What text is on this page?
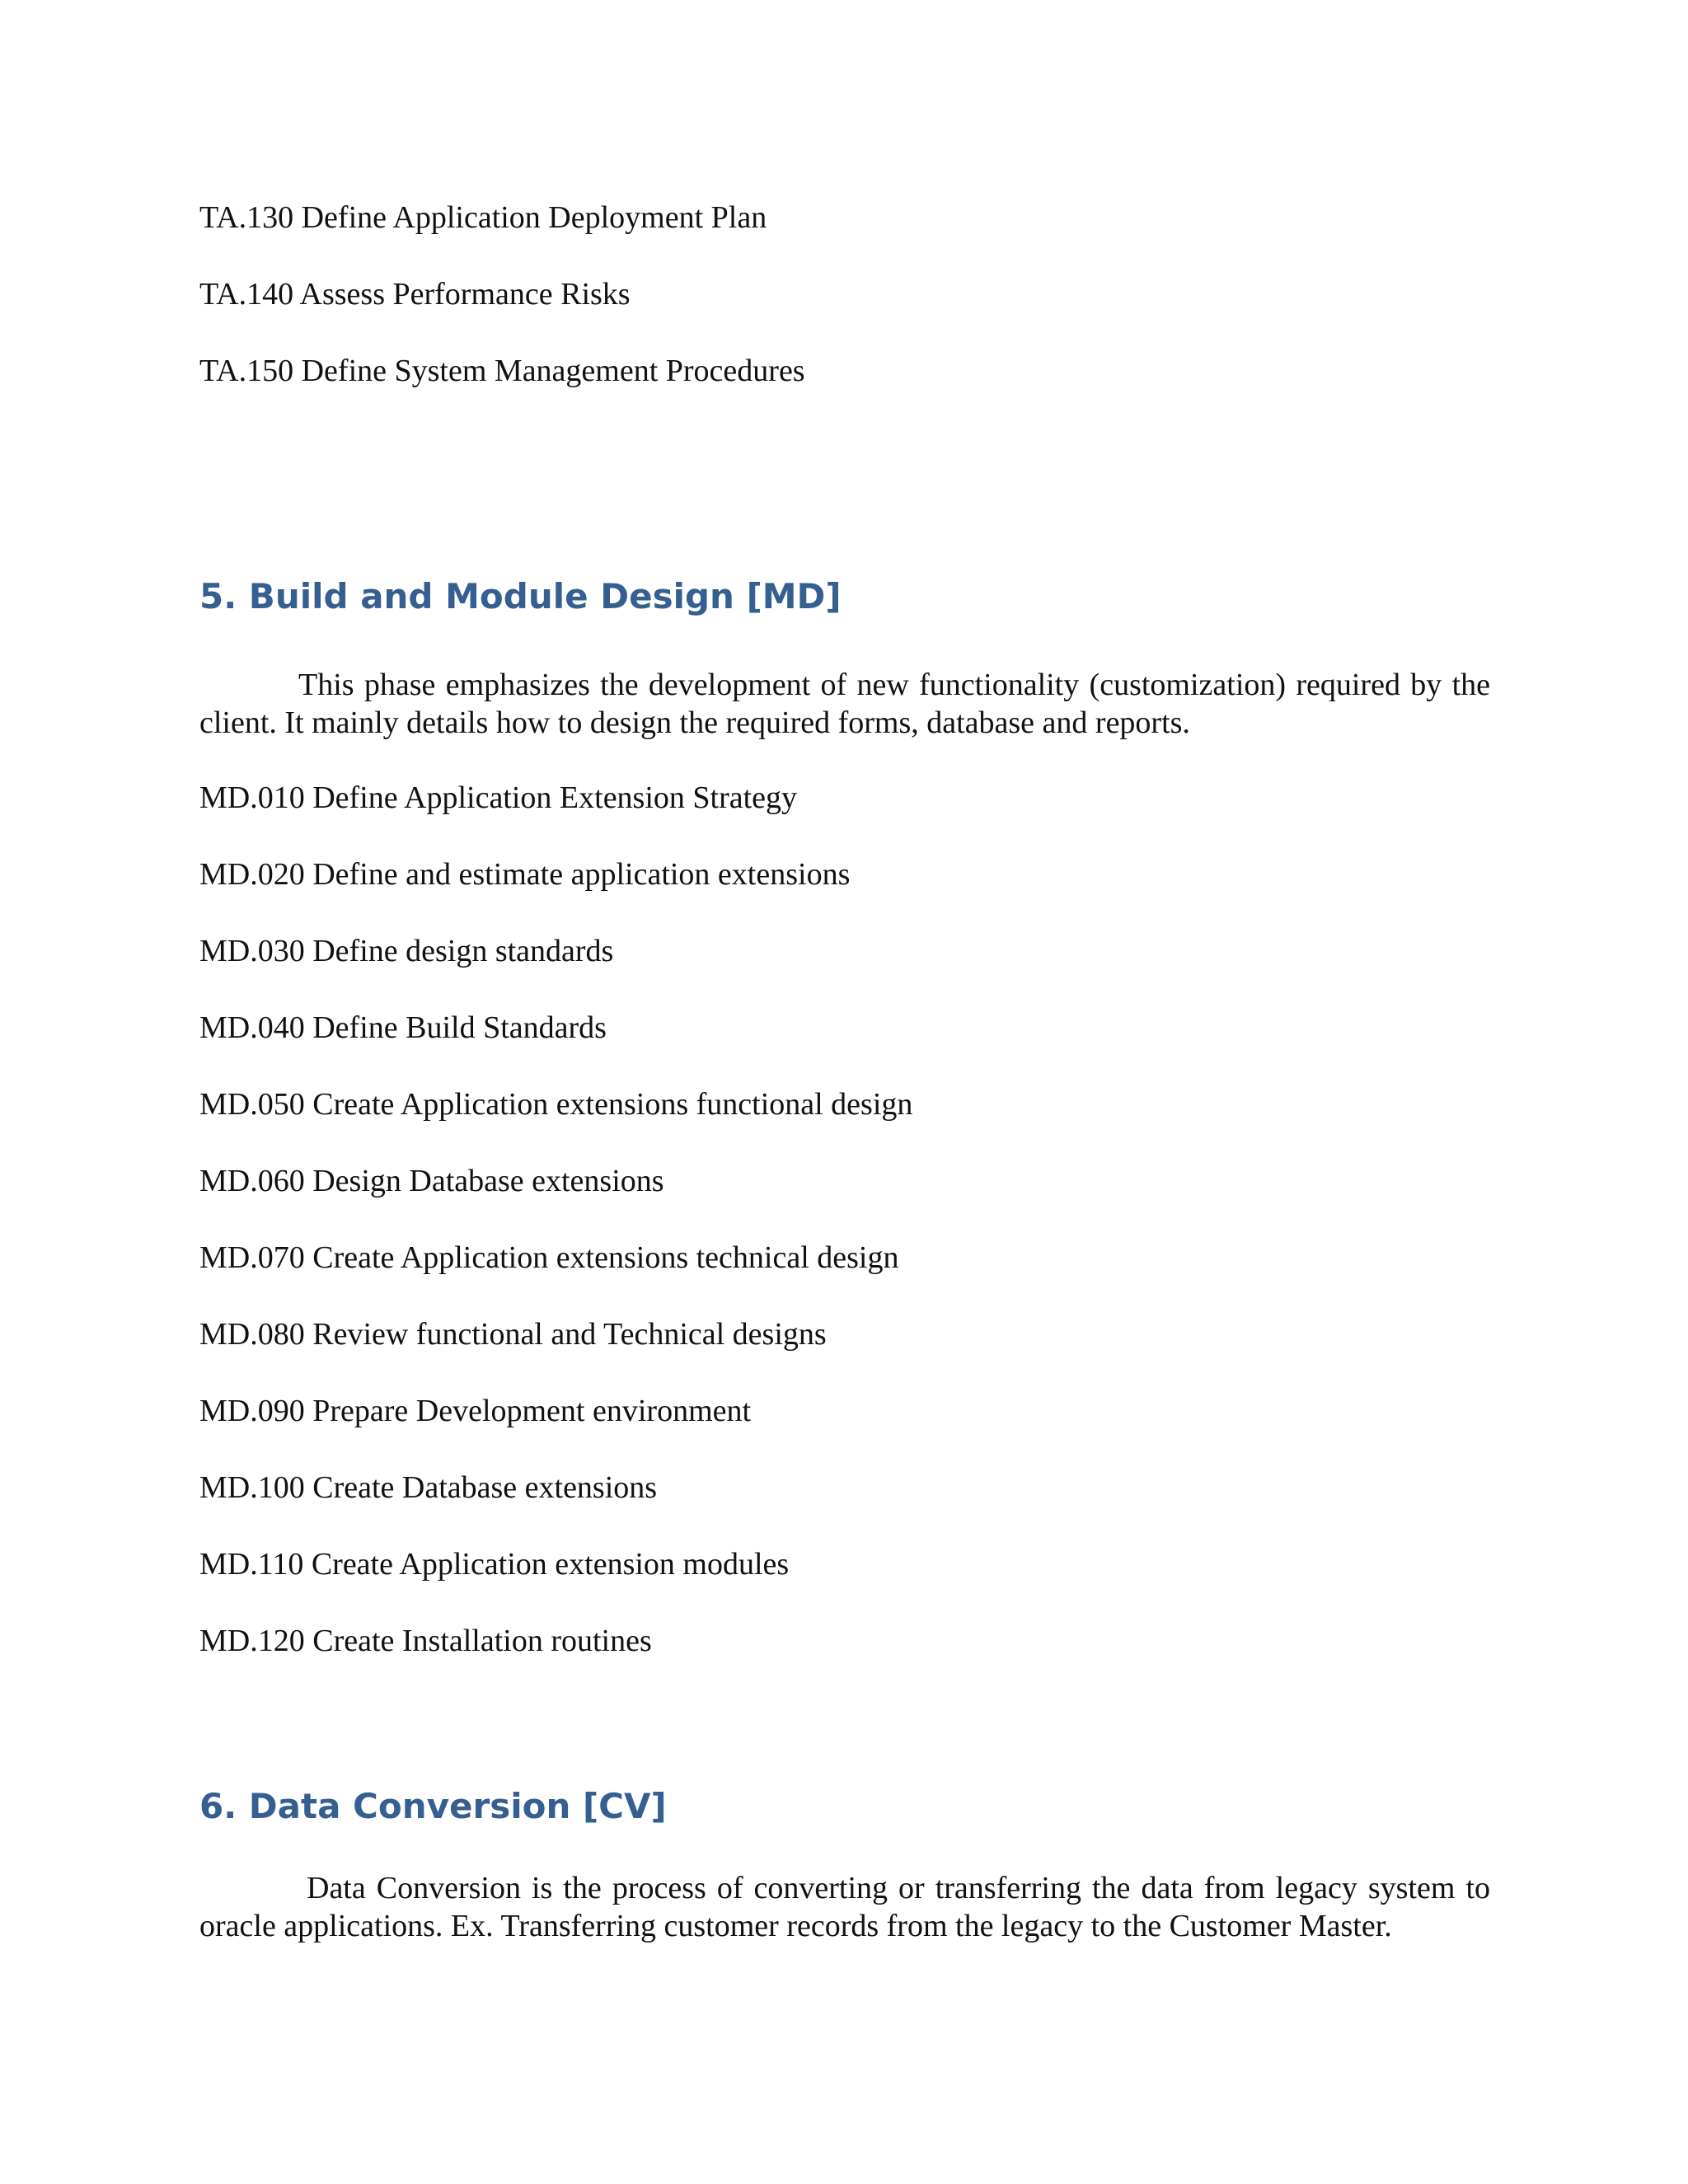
TA.130 Define Application Deployment Plan
TA.140 Assess Performance Risks
TA.150 Define System Management Procedures
5. Build and Module Design [MD]
This phase emphasizes the development of new functionality (customization) required by the client. It mainly details how to design the required forms, database and reports.
MD.010 Define Application Extension Strategy
MD.020 Define and estimate application extensions
MD.030 Define design standards
MD.040 Define Build Standards
MD.050 Create Application extensions functional design
MD.060 Design Database extensions
MD.070 Create Application extensions technical design
MD.080 Review functional and Technical designs
MD.090 Prepare Development environment
MD.100 Create Database extensions
MD.110 Create Application extension modules
MD.120 Create Installation routines
6. Data Conversion [CV]
Data Conversion is the process of converting or transferring the data from legacy system to oracle applications. Ex. Transferring customer records from the legacy to the Customer Master.
